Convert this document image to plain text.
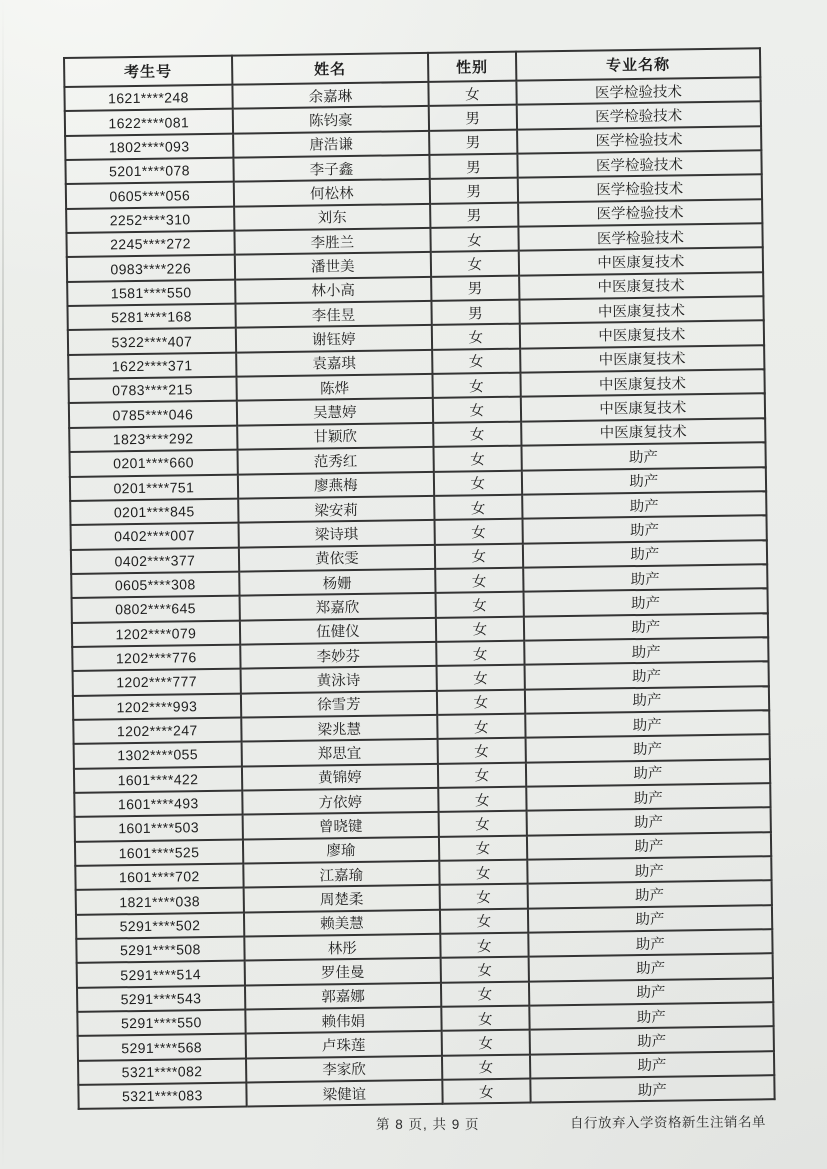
考生号	姓名	性别	专业名称
1621****248	余嘉琳	女	医学检验技术
1622****081	陈钧豪	男	医学检验技术
1802****093	唐浩谦	男	医学检验技术
5201****078	李子鑫	男	医学检验技术
0605****056	何松林	男	医学检验技术
2252****310	刘东	男	医学检验技术
2245****272	李胜兰	女	医学检验技术
0983****226	潘世美	女	中医康复技术
1581****550	林小高	男	中医康复技术
5281****168	李佳昱	男	中医康复技术
5322****407	谢钰婷	女	中医康复技术
1622****371	袁嘉琪	女	中医康复技术
0783****215	陈烨	女	中医康复技术
0785****046	吴慧婷	女	中医康复技术
1823****292	甘颖欣	女	中医康复技术
0201****660	范秀红	女	助产
0201****751	廖燕梅	女	助产
0201****845	梁安莉	女	助产
0402****007	梁诗琪	女	助产
0402****377	黄依雯	女	助产
0605****308	杨姗	女	助产
0802****645	郑嘉欣	女	助产
1202****079	伍健仪	女	助产
1202****776	李妙芬	女	助产
1202****777	黄泳诗	女	助产
1202****993	徐雪芳	女	助产
1202****247	梁兆慧	女	助产
1302****055	郑思宜	女	助产
1601****422	黄锦婷	女	助产
1601****493	方依婷	女	助产
1601****503	曾晓键	女	助产
1601****525	廖瑜	女	助产
1601****702	江嘉瑜	女	助产
1821****038	周楚柔	女	助产
5291****502	赖美慧	女	助产
5291****508	林彤	女	助产
5291****514	罗佳曼	女	助产
5291****543	郭嘉娜	女	助产
5291****550	赖伟娟	女	助产
5291****568	卢珠莲	女	助产
5321****082	李家欣	女	助产
5321****083	梁健谊	女	助产
第 8 页, 共 9 页	自行放弃入学资格新生注销名单
